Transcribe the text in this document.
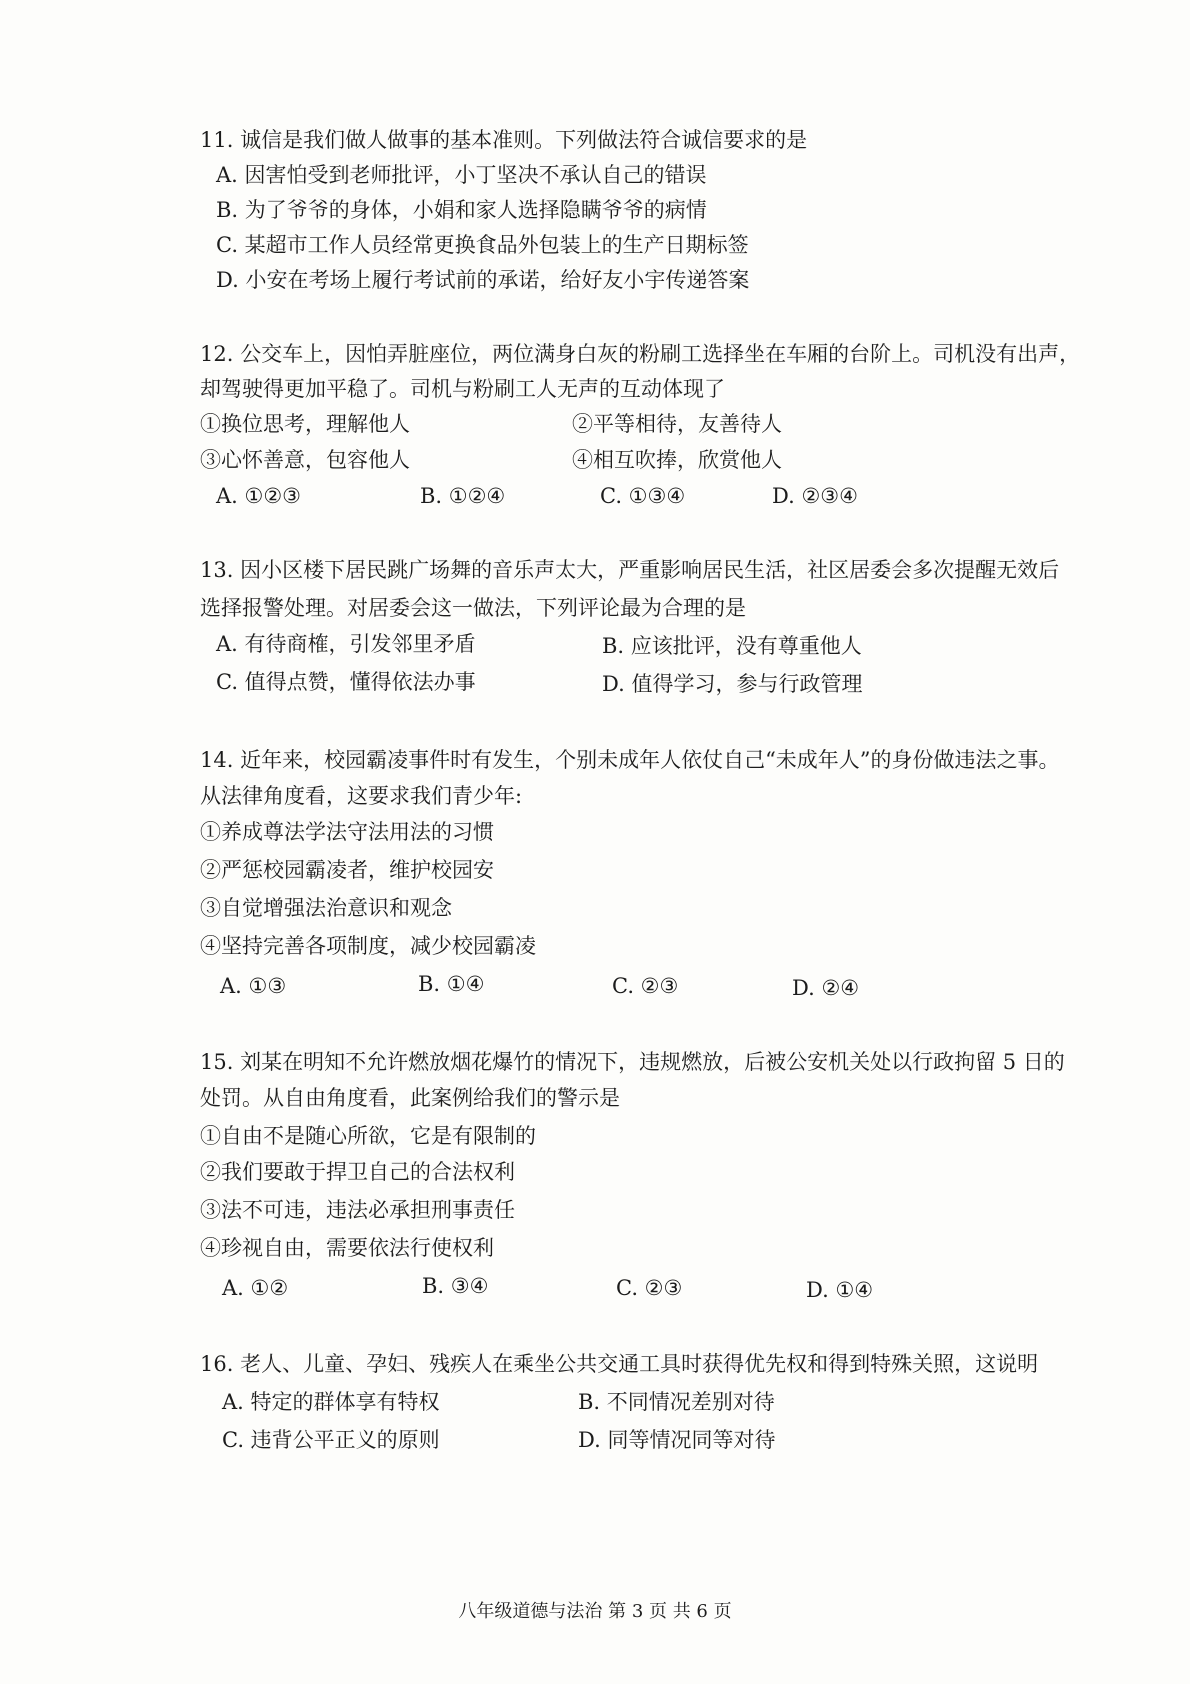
11. 诚信是我们做人做事的基本准则。下列做法符合诚信要求的是
A. 因害怕受到老师批评，小丁坚决不承认自己的错误
B. 为了爷爷的身体，小娟和家人选择隐瞒爷爷的病情
C. 某超市工作人员经常更换食品外包装上的生产日期标签
D. 小安在考场上履行考试前的承诺，给好友小宇传递答案
12. 公交车上，因怕弄脏座位，两位满身白灰的粉刷工选择坐在车厢的台阶上。司机没有出声，
却驾驶得更加平稳了。司机与粉刷工人无声的互动体现了
①换位思考，理解他人	②平等相待，友善待人
③心怀善意，包容他人	④相互吹捧，欣赏他人
A. ①②③	B. ①②④	C. ①③④	D. ②③④
13. 因小区楼下居民跳广场舞的音乐声太大，严重影响居民生活，社区居委会多次提醒无效后
选择报警处理。对居委会这一做法，下列评论最为合理的是
A. 有待商榷，引发邻里矛盾	B. 应该批评，没有尊重他人
C. 值得点赞，懂得依法办事	D. 值得学习，参与行政管理
14. 近年来，校园霸凌事件时有发生，个别未成年人依仗自己“未成年人”的身份做违法之事。
从法律角度看，这要求我们青少年:
①养成尊法学法守法用法的习惯
②严惩校园霸凌者，维护校园安
③自觉增强法治意识和观念
④坚持完善各项制度，减少校园霸凌
A. ①③	B. ①④	C. ②③	D. ②④
15. 刘某在明知不允许燃放烟花爆竹的情况下，违规燃放，后被公安机关处以行政拘留 5 日的
处罚。从自由角度看，此案例给我们的警示是
①自由不是随心所欲，它是有限制的
②我们要敢于捍卫自己的合法权利
③法不可违，违法必承担刑事责任
④珍视自由，需要依法行使权利
A. ①②	B. ③④	C. ②③	D. ①④
16. 老人、儿童、孕妇、残疾人在乘坐公共交通工具时获得优先权和得到特殊关照，这说明
A. 特定的群体享有特权	B. 不同情况差别对待
C. 违背公平正义的原则	D. 同等情况同等对待
八年级道德与法治 第 3 页 共 6 页
